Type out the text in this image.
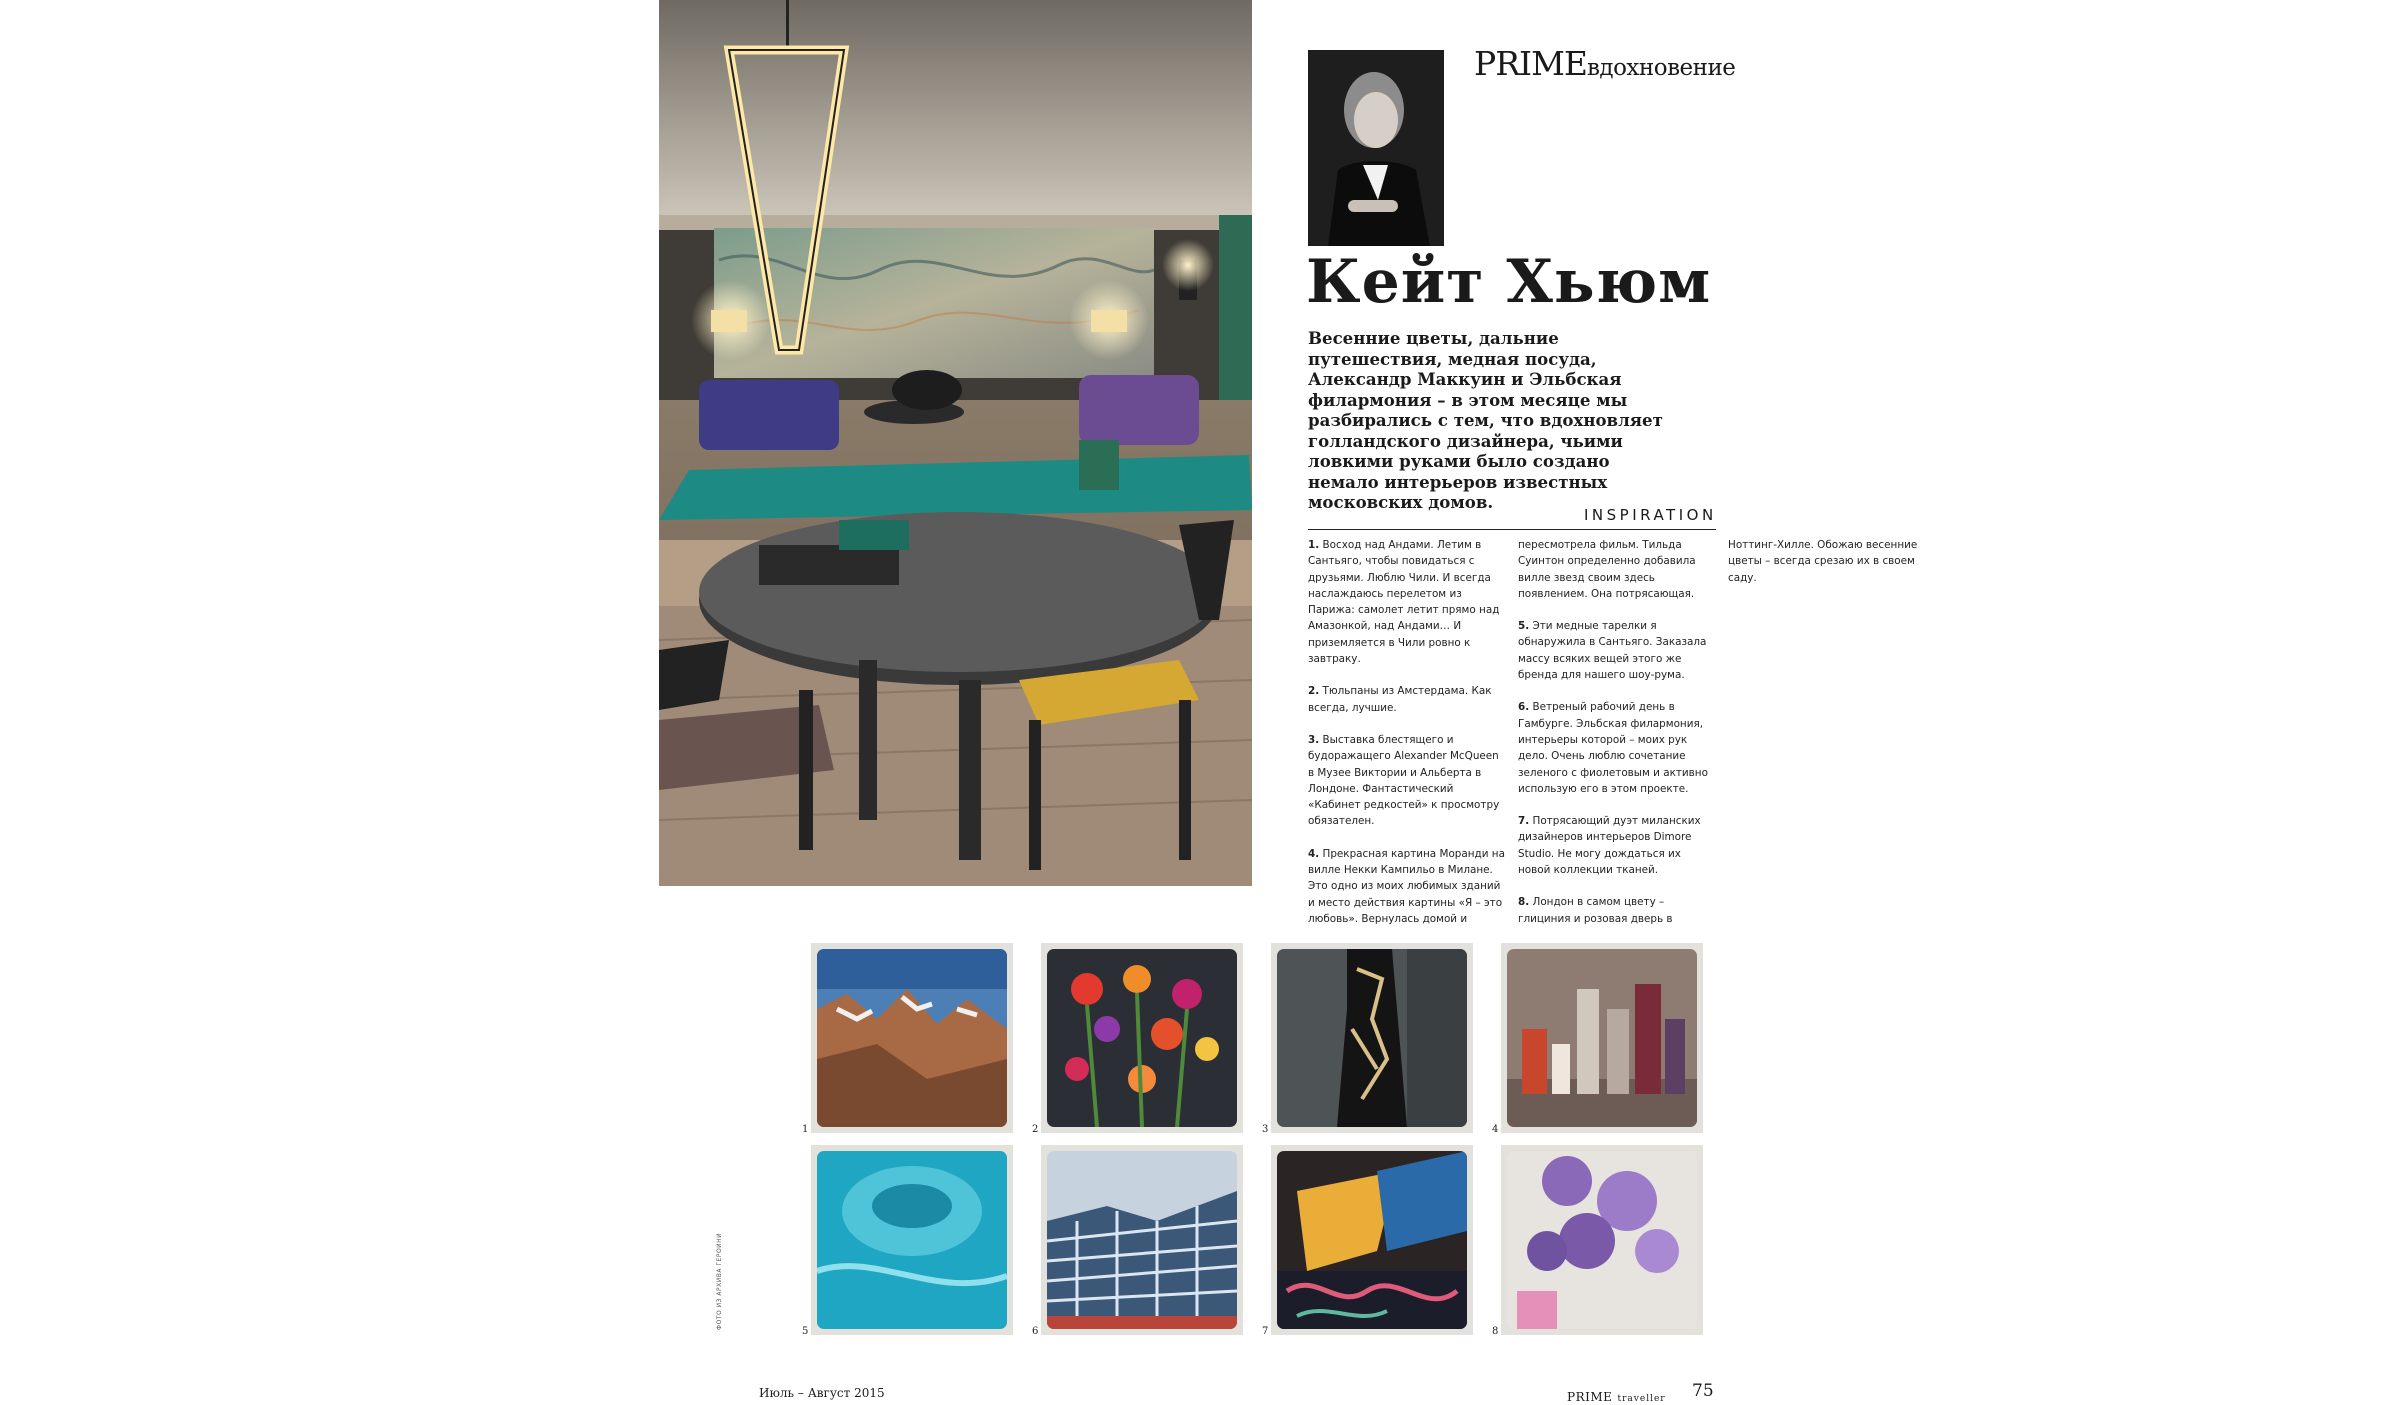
PRIMEвдохновение
Кейт Хьюм

Весенние цветы, дальние путешествия, медная посуда, Александр Маккуин и Эльбская филармония – в этом месяце мы разбирались с тем, что вдохновляет голландского дизайнера, чьими ловкими руками было создано немало интерьеров известных московских домов.

INSPIRATION

1. Восход над Андами. Летим в Сантьяго, чтобы повидаться с друзьями. Люблю Чили. И всегда наслаждаюсь перелетом из Парижа: самолет летит прямо над Амазонкой, над Андами… И приземляется в Чили ровно к завтраку.

2. Тюльпаны из Амстердама. Как всегда, лучшие.

3. Выставка блестящего и будоражащего Alexander McQueen в Музее Виктории и Альберта в Лондоне. Фантастический «Кабинет редкостей» к просмотру обязателен.

4. Прекрасная картина Моранди на вилле Некки Кампильо в Милане. Это одно из моих любимых зданий и место действия картины «Я – это любовь». Вернулась домой и пересмотрела фильм. Тильда Суинтон определенно добавила вилле звезд своим здесь появлением. Она потрясающая.

5. Эти медные тарелки я обнаружила в Сантьяго. Заказала массу всяких вещей этого же бренда для нашего шоу-рума.

6. Ветреный рабочий день в Гамбурге. Эльбская филармония, интерьеры которой – моих рук дело. Очень люблю сочетание зеленого с фиолетовым и активно использую его в этом проекте.

7. Потрясающий дуэт миланских дизайнеров интерьеров Dimore Studio. Не могу дождаться их новой коллекции тканей.

8. Лондон в самом цвету – глициния и розовая дверь в Ноттинг-Хилле. Обожаю весенние цветы – всегда срезаю их в своем саду.

1	2	3	4
5	6	7	8
ФОТО ИЗ АРХИВА ГЕРОИНИ
Июль – Август 2015	PRIME traveller 75
